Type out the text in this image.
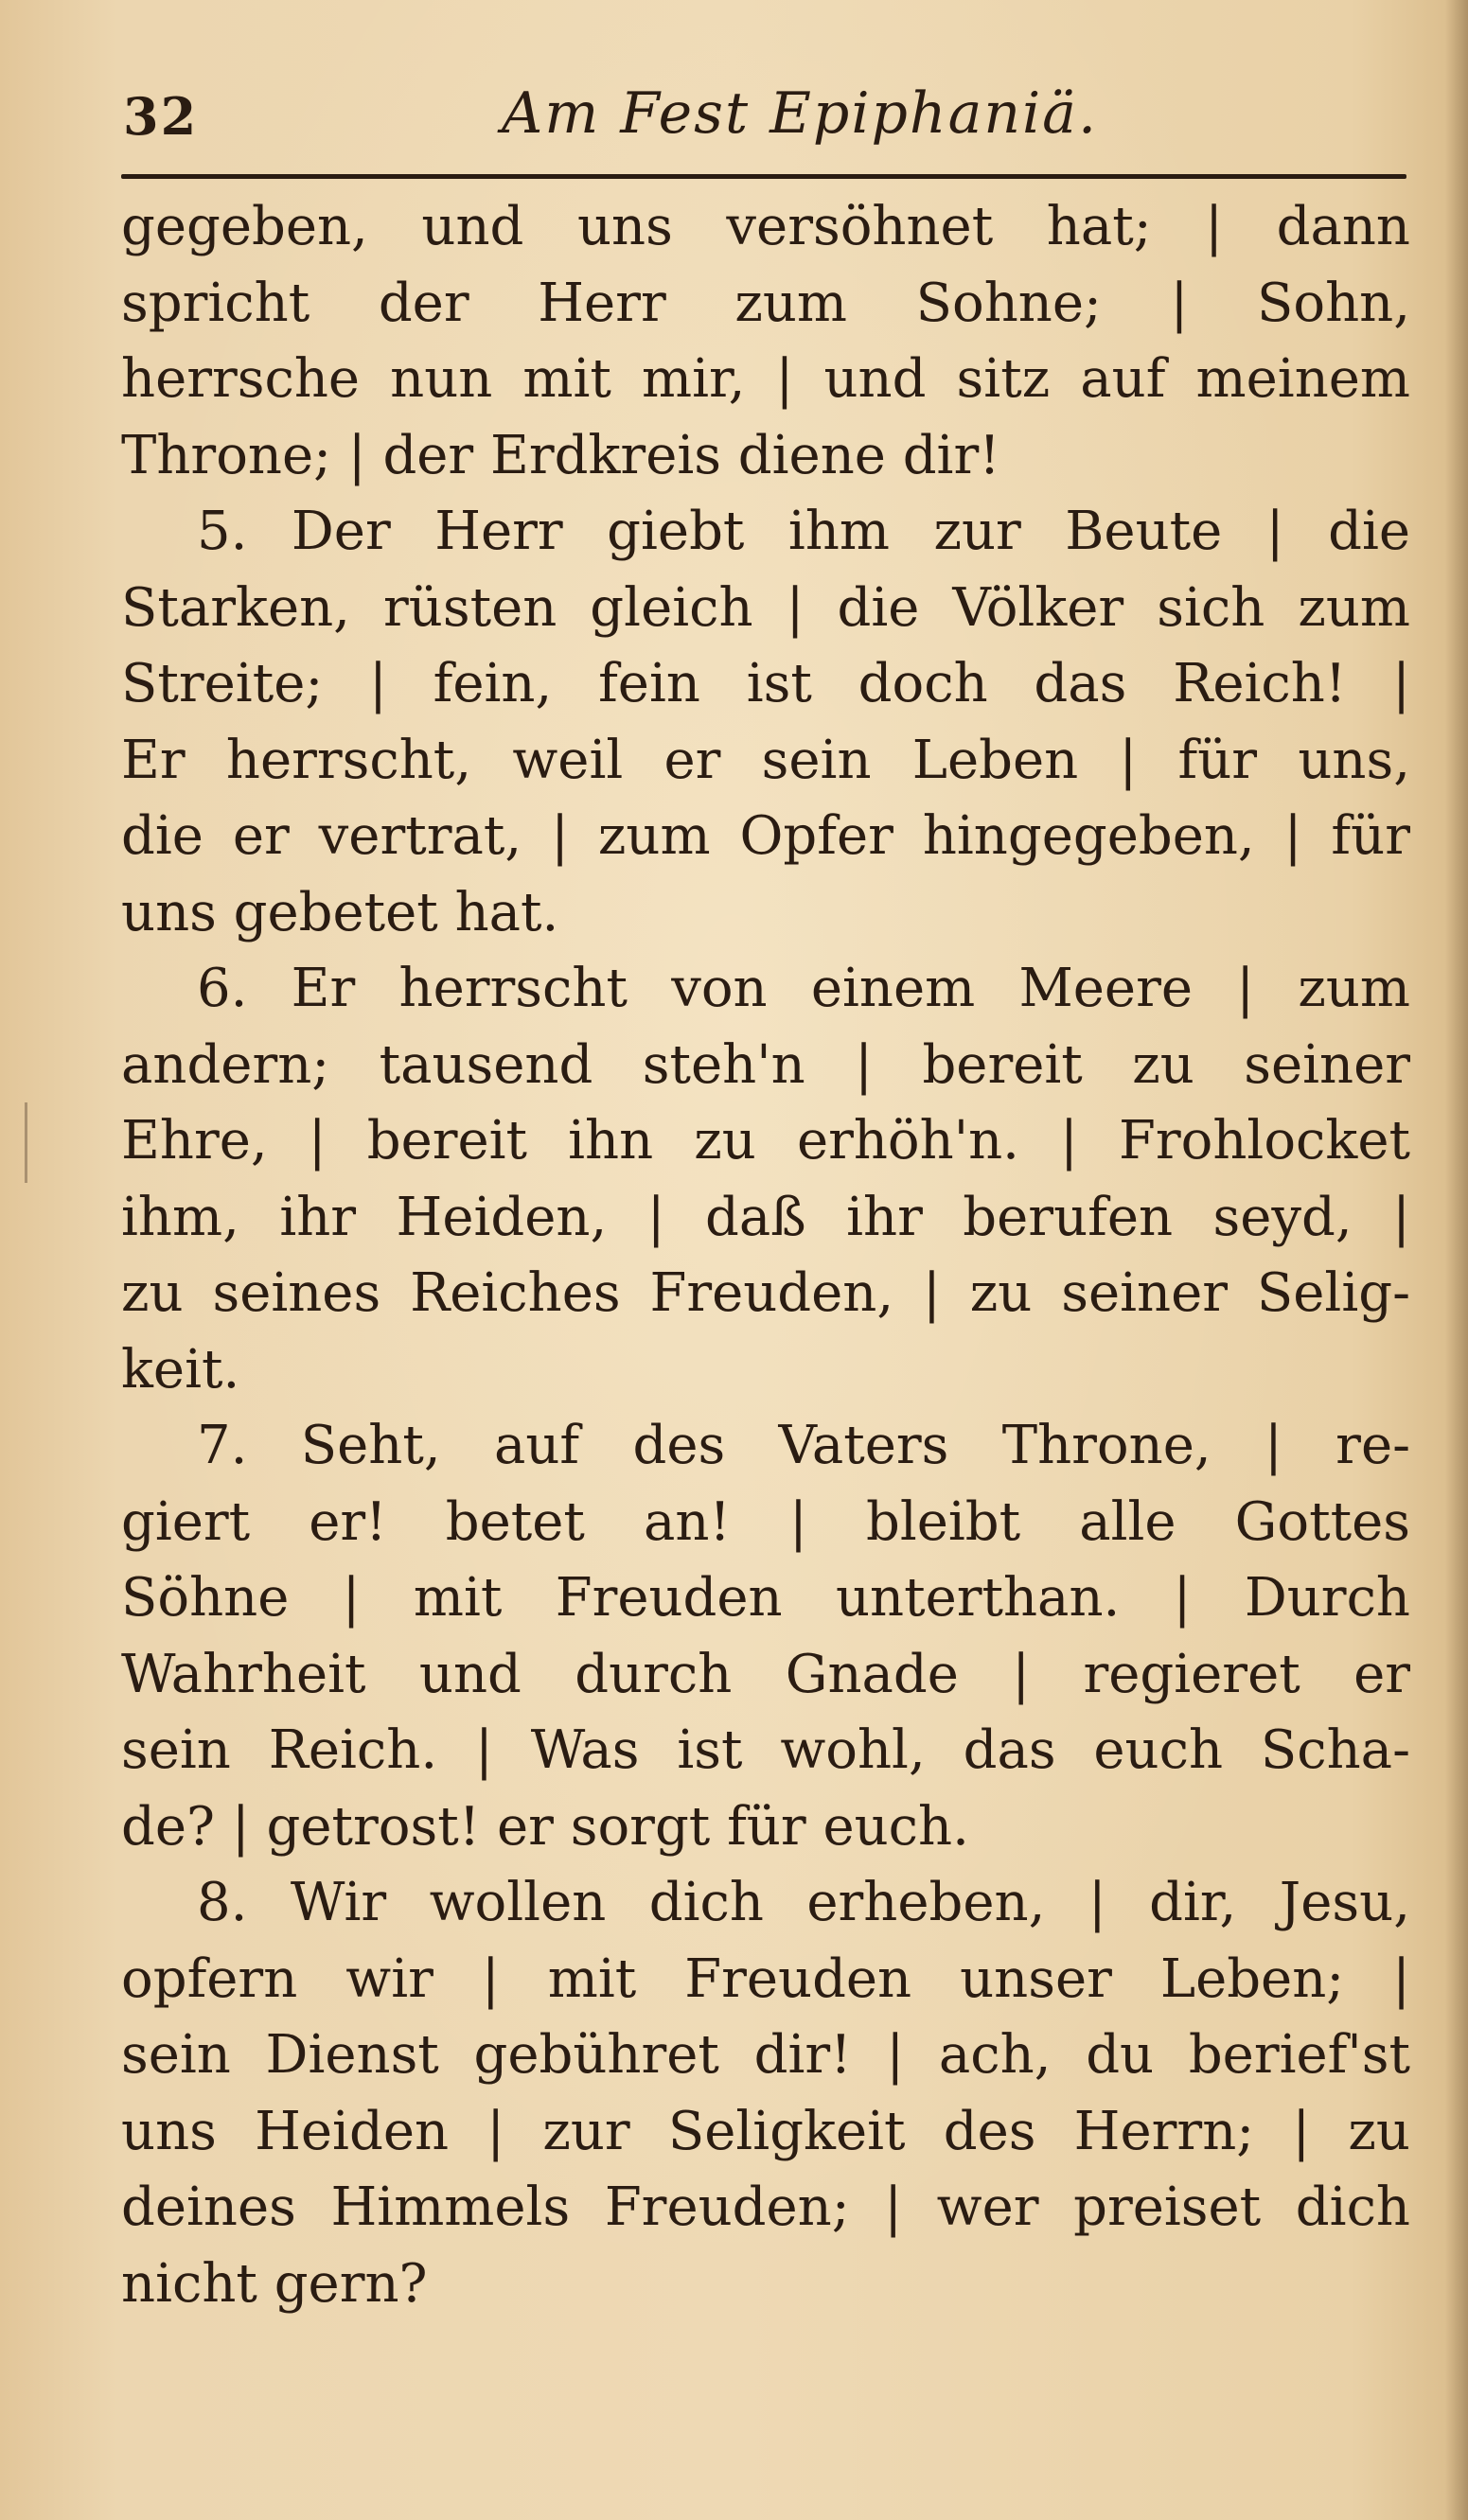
32	Am Fest Epiphaniä.
gegeben, und uns versöhnet hat; | dann
spricht der Herr zum Sohne; | Sohn,
herrsche nun mit mir, | und sitz auf meinem
Throne; | der Erdkreis diene dir!
5. Der Herr giebt ihm zur Beute | die
Starken, rüsten gleich | die Völker sich zum
Streite; | fein, fein ist doch das Reich! |
Er herrscht, weil er sein Leben | für uns,
die er vertrat, | zum Opfer hingegeben, | für
uns gebetet hat.
6. Er herrscht von einem Meere | zum
andern; tausend steh'n | bereit zu seiner
Ehre, | bereit ihn zu erhöh'n. | Frohlocket
ihm, ihr Heiden, | daß ihr berufen seyd, |
zu seines Reiches Freuden, | zu seiner Selig-
keit.
7. Seht, auf des Vaters Throne, | re-
giert er! betet an! | bleibt alle Gottes
Söhne | mit Freuden unterthan. | Durch
Wahrheit und durch Gnade | regieret er
sein Reich. | Was ist wohl, das euch Scha-
de? | getrost! er sorgt für euch.
8. Wir wollen dich erheben, | dir, Jesu,
opfern wir | mit Freuden unser Leben; |
sein Dienst gebühret dir! | ach, du berief'st
uns Heiden | zur Seligkeit des Herrn; | zu
deines Himmels Freuden; | wer preiset dich
nicht gern?
